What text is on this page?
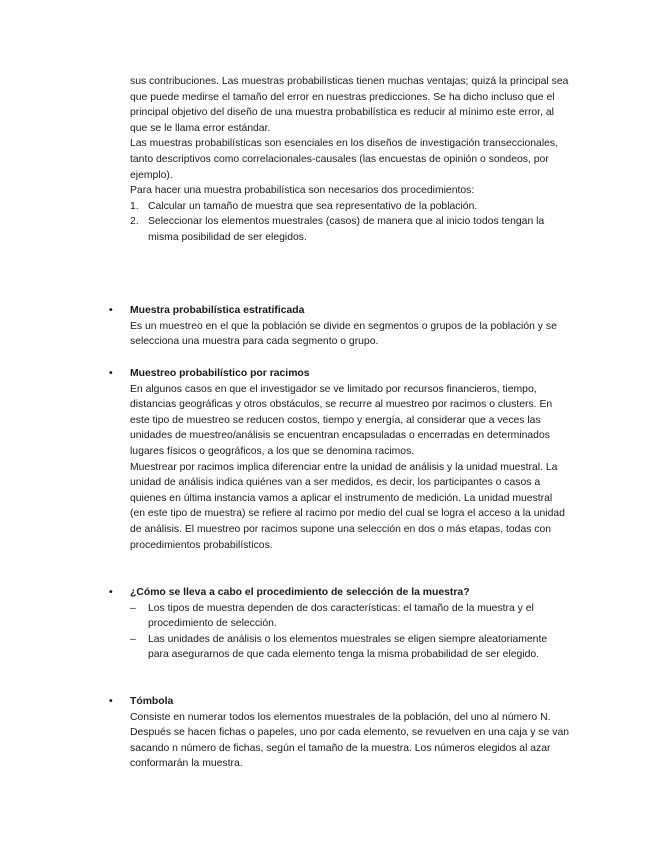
sus contribuciones. Las muestras probabilísticas tienen muchas ventajas; quizá la principal sea que puede medirse el tamaño del error en nuestras predicciones. Se ha dicho incluso que el principal objetivo del diseño de una muestra probabilística es reducir al mínimo este error, al que se le llama error estándar.

Las muestras probabilísticas son esenciales en los diseños de investigación transeccionales, tanto descriptivos como correlacionales-causales (las encuestas de opinión o sondeos, por ejemplo).

Para hacer una muestra probabilística son necesarios dos procedimientos:

1. Calcular un tamaño de muestra que sea representativo de la población.
2. Seleccionar los elementos muestrales (casos) de manera que al inicio todos tengan la misma posibilidad de ser elegidos.
• Muestra probabilística estratificada

Es un muestreo en el que la población se divide en segmentos o grupos de la población y se selecciona una muestra para cada segmento o grupo.

• Muestreo probabilístico por racimos

En algunos casos en que el investigador se ve limitado por recursos financieros, tiempo, distancias geográficas y otros obstáculos, se recurre al muestreo por racimos o clusters. En este tipo de muestreo se reducen costos, tiempo y energía, al considerar que a veces las unidades de muestreo/análisis se encuentran encapsuladas o encerradas en determinados lugares físicos o geográficos, a los que se denomina racimos.

Muestrear por racimos implica diferenciar entre la unidad de análisis y la unidad muestral. La unidad de análisis indica quiénes van a ser medidos, es decir, los participantes o casos a quienes en última instancia vamos a aplicar el instrumento de medición. La unidad muestral (en este tipo de muestra) se refiere al racimo por medio del cual se logra el acceso a la unidad de análisis. El muestreo por racimos supone una selección en dos o más etapas, todas con procedimientos probabilísticos.

• ¿Cómo se lleva a cabo el procedimiento de selección de la muestra?
– Los tipos de muestra dependen de dos características: el tamaño de la muestra y el procedimiento de selección.
– Las unidades de análisis o los elementos muestrales se eligen siempre aleatoriamente para asegurarnos de que cada elemento tenga la misma probabilidad de ser elegido.
• Tómbola

Consiste en numerar todos los elementos muestrales de la población, del uno al número N. Después se hacen fichas o papeles, uno por cada elemento, se revuelven en una caja y se van sacando n número de fichas, según el tamaño de la muestra. Los números elegidos al azar conformarán la muestra.
